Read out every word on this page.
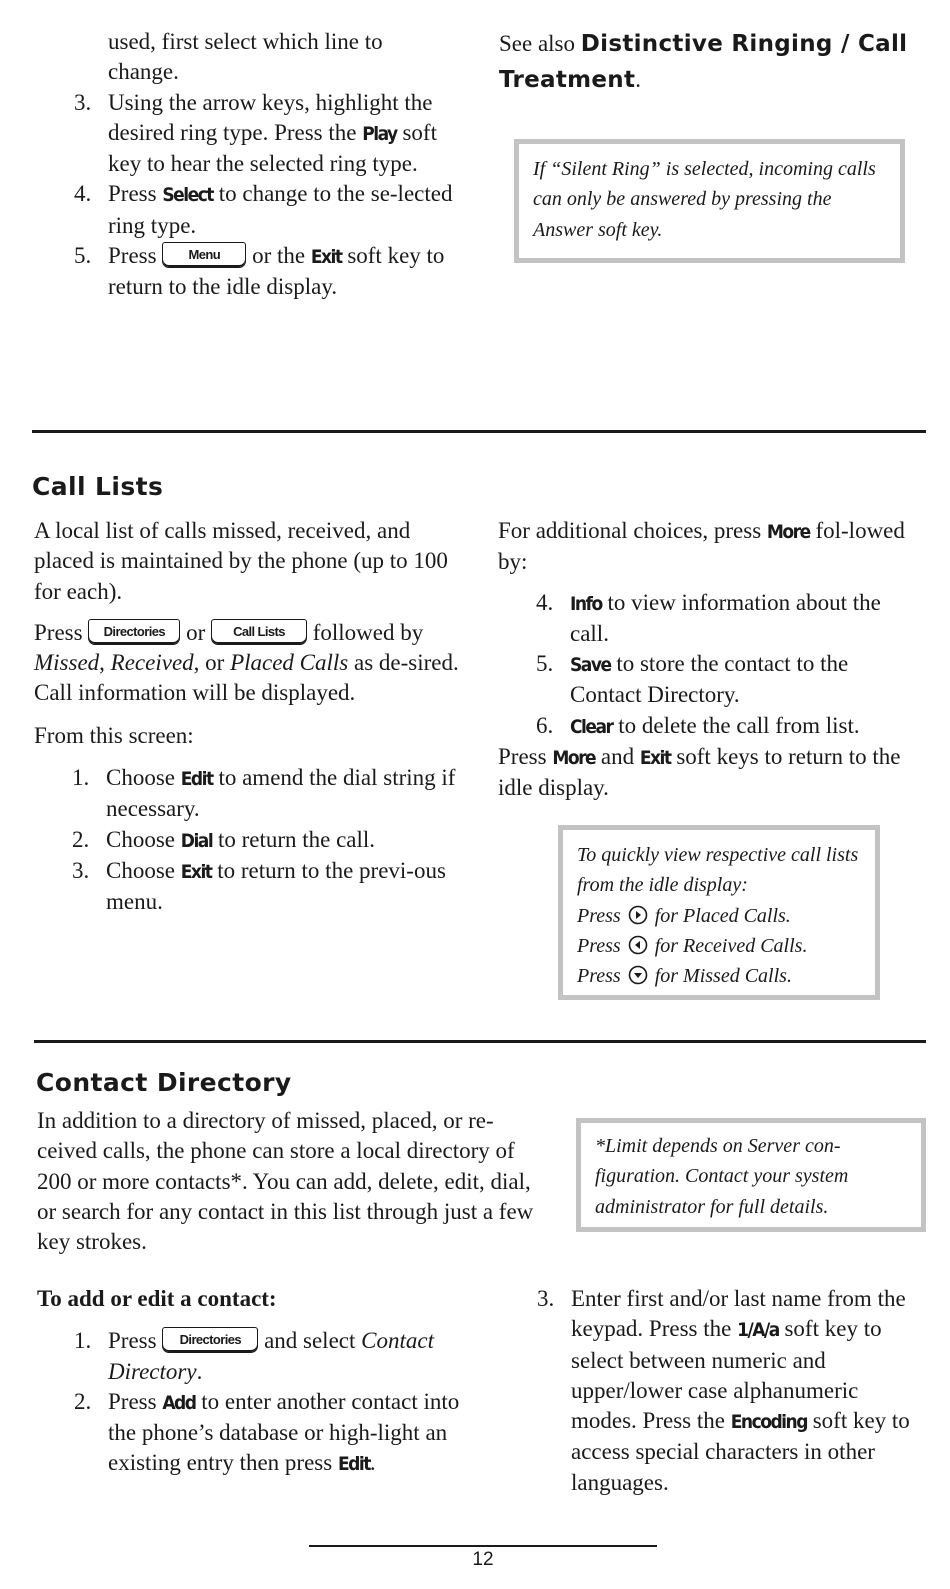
used, first select which line to
change.
3. Using the arrow keys, highlight the desired ring type. Press the Play soft key to hear the selected ring type.
4. Press Select to change to the se-lected ring type.
5. Press Menu or the Exit soft key to return to the idle display.
See also Distinctive Ringing / Call Treatment.
If “Silent Ring” is selected, incoming calls can only be answered by pressing the Answer soft key.
Call Lists
A local list of calls missed, received, and placed is maintained by the phone (up to 100 for each).
Press Directories or Call Lists followed by Missed, Received, or Placed Calls as de-sired. Call information will be displayed.
From this screen:
1. Choose Edit to amend the dial string if necessary.
2. Choose Dial to return the call.
3. Choose Exit to return to the previ-ous menu.
For additional choices, press More fol-lowed by:
4. Info to view information about the call.
5. Save to store the contact to the Contact Directory.
6. Clear to delete the call from list.
Press More and Exit soft keys to return to the idle display.
To quickly view respective call lists from the idle display:
Press
for Placed Calls.
Press
for Received Calls.
Press
for Missed Calls.
Contact Directory
In addition to a directory of missed, placed, or re-ceived calls, the phone can store a local directory of 200 or more contacts*. You can add, delete, edit, dial, or search for any contact in this list through just a few key strokes.
*Limit depends on Server con-figuration. Contact your system administrator for full details.
To add or edit a contact:
1. Press Directories and select Contact Directory.
2. Press Add to enter another contact into the phone’s database or high-light an existing entry then press Edit.
3. Enter first and/or last name from the keypad. Press the 1/A/a soft key to select between numeric and upper/lower case alphanumeric modes. Press the Encoding soft key to access special characters in other languages.
12
